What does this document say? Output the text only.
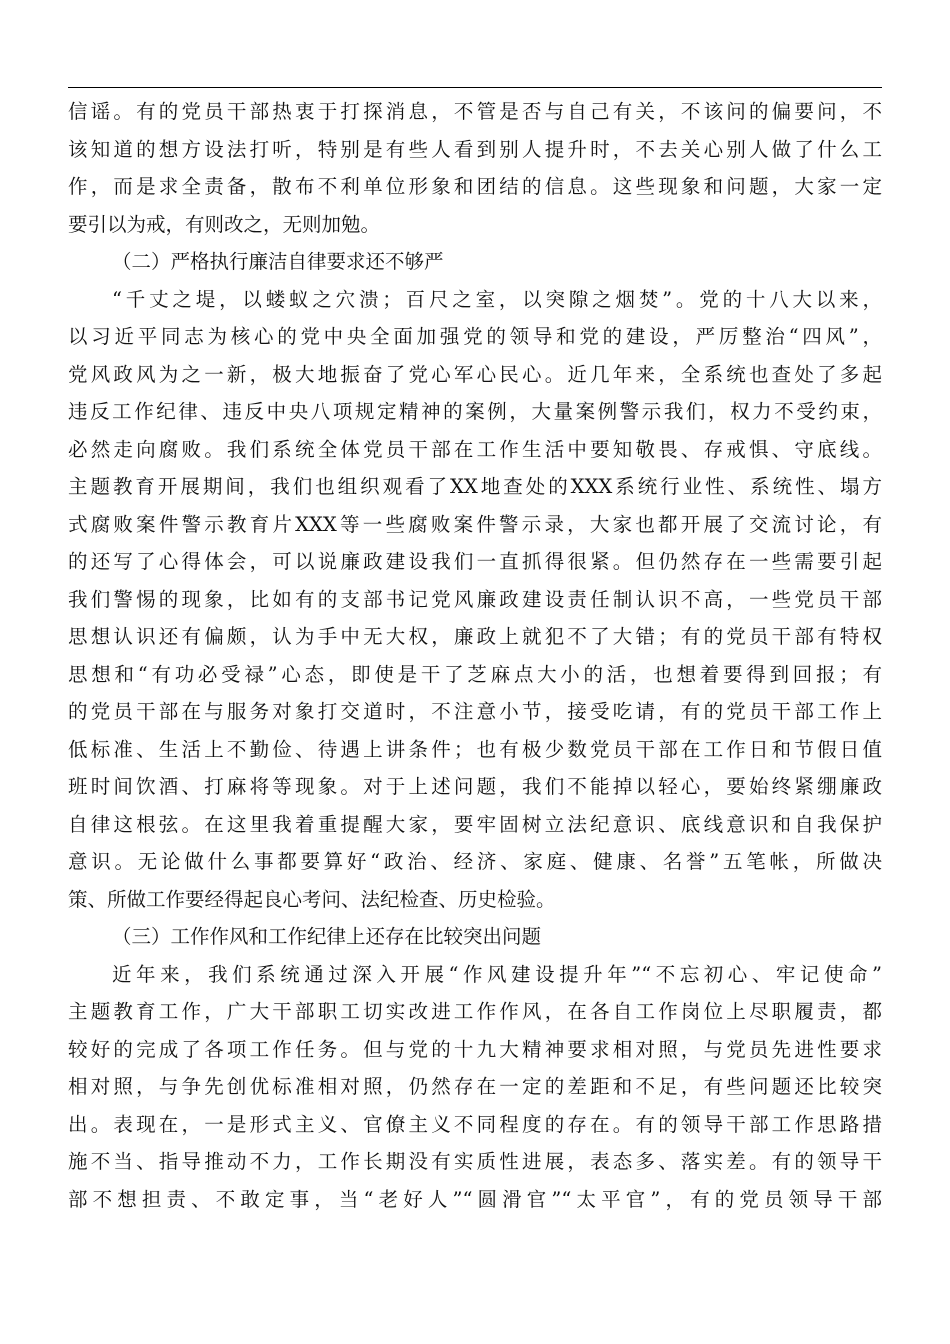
信谣。有的党员干部热衷于打探消息，不管是否与自己有关，不该问的偏要问，不
该知道的想方设法打听，特别是有些人看到别人提升时，不去关心别人做了什么工
作，而是求全责备，散布不利单位形象和团结的信息。这些现象和问题，大家一定
要引以为戒，有则改之，无则加勉。
（二）严格执行廉洁自律要求还不够严
“千丈之堤，以蝼蚁之穴溃；百尺之室，以突隙之烟焚”。党的十八大以来，
以习近平同志为核心的党中央全面加强党的领导和党的建设，严厉整治“四风”，
党风政风为之一新，极大地振奋了党心军心民心。近几年来，全系统也查处了多起
违反工作纪律、违反中央八项规定精神的案例，大量案例警示我们，权力不受约束，
必然走向腐败。我们系统全体党员干部在工作生活中要知敬畏、存戒惧、守底线。
主题教育开展期间，我们也组织观看了XX地查处的XXX系统行业性、系统性、塌方
式腐败案件警示教育片XXX等一些腐败案件警示录，大家也都开展了交流讨论，有
的还写了心得体会，可以说廉政建设我们一直抓得很紧。但仍然存在一些需要引起
我们警惕的现象，比如有的支部书记党风廉政建设责任制认识不高，一些党员干部
思想认识还有偏颇，认为手中无大权，廉政上就犯不了大错；有的党员干部有特权
思想和“有功必受禄”心态，即使是干了芝麻点大小的活，也想着要得到回报；有
的党员干部在与服务对象打交道时，不注意小节，接受吃请，有的党员干部工作上
低标准、生活上不勤俭、待遇上讲条件；也有极少数党员干部在工作日和节假日值
班时间饮酒、打麻将等现象。对于上述问题，我们不能掉以轻心，要始终紧绷廉政
自律这根弦。在这里我着重提醒大家，要牢固树立法纪意识、底线意识和自我保护
意识。无论做什么事都要算好“政治、经济、家庭、健康、名誉”五笔帐，所做决
策、所做工作要经得起良心考问、法纪检查、历史检验。
（三）工作作风和工作纪律上还存在比较突出问题
近年来，我们系统通过深入开展“作风建设提升年”“不忘初心、牢记使命”
主题教育工作，广大干部职工切实改进工作作风，在各自工作岗位上尽职履责，都
较好的完成了各项工作任务。但与党的十九大精神要求相对照，与党员先进性要求
相对照，与争先创优标准相对照，仍然存在一定的差距和不足，有些问题还比较突
出。表现在，一是形式主义、官僚主义不同程度的存在。有的领导干部工作思路措
施不当、指导推动不力，工作长期没有实质性进展，表态多、落实差。有的领导干
部不想担责、不敢定事，当“老好人”“圆滑官”“太平官”，有的党员领导干部
